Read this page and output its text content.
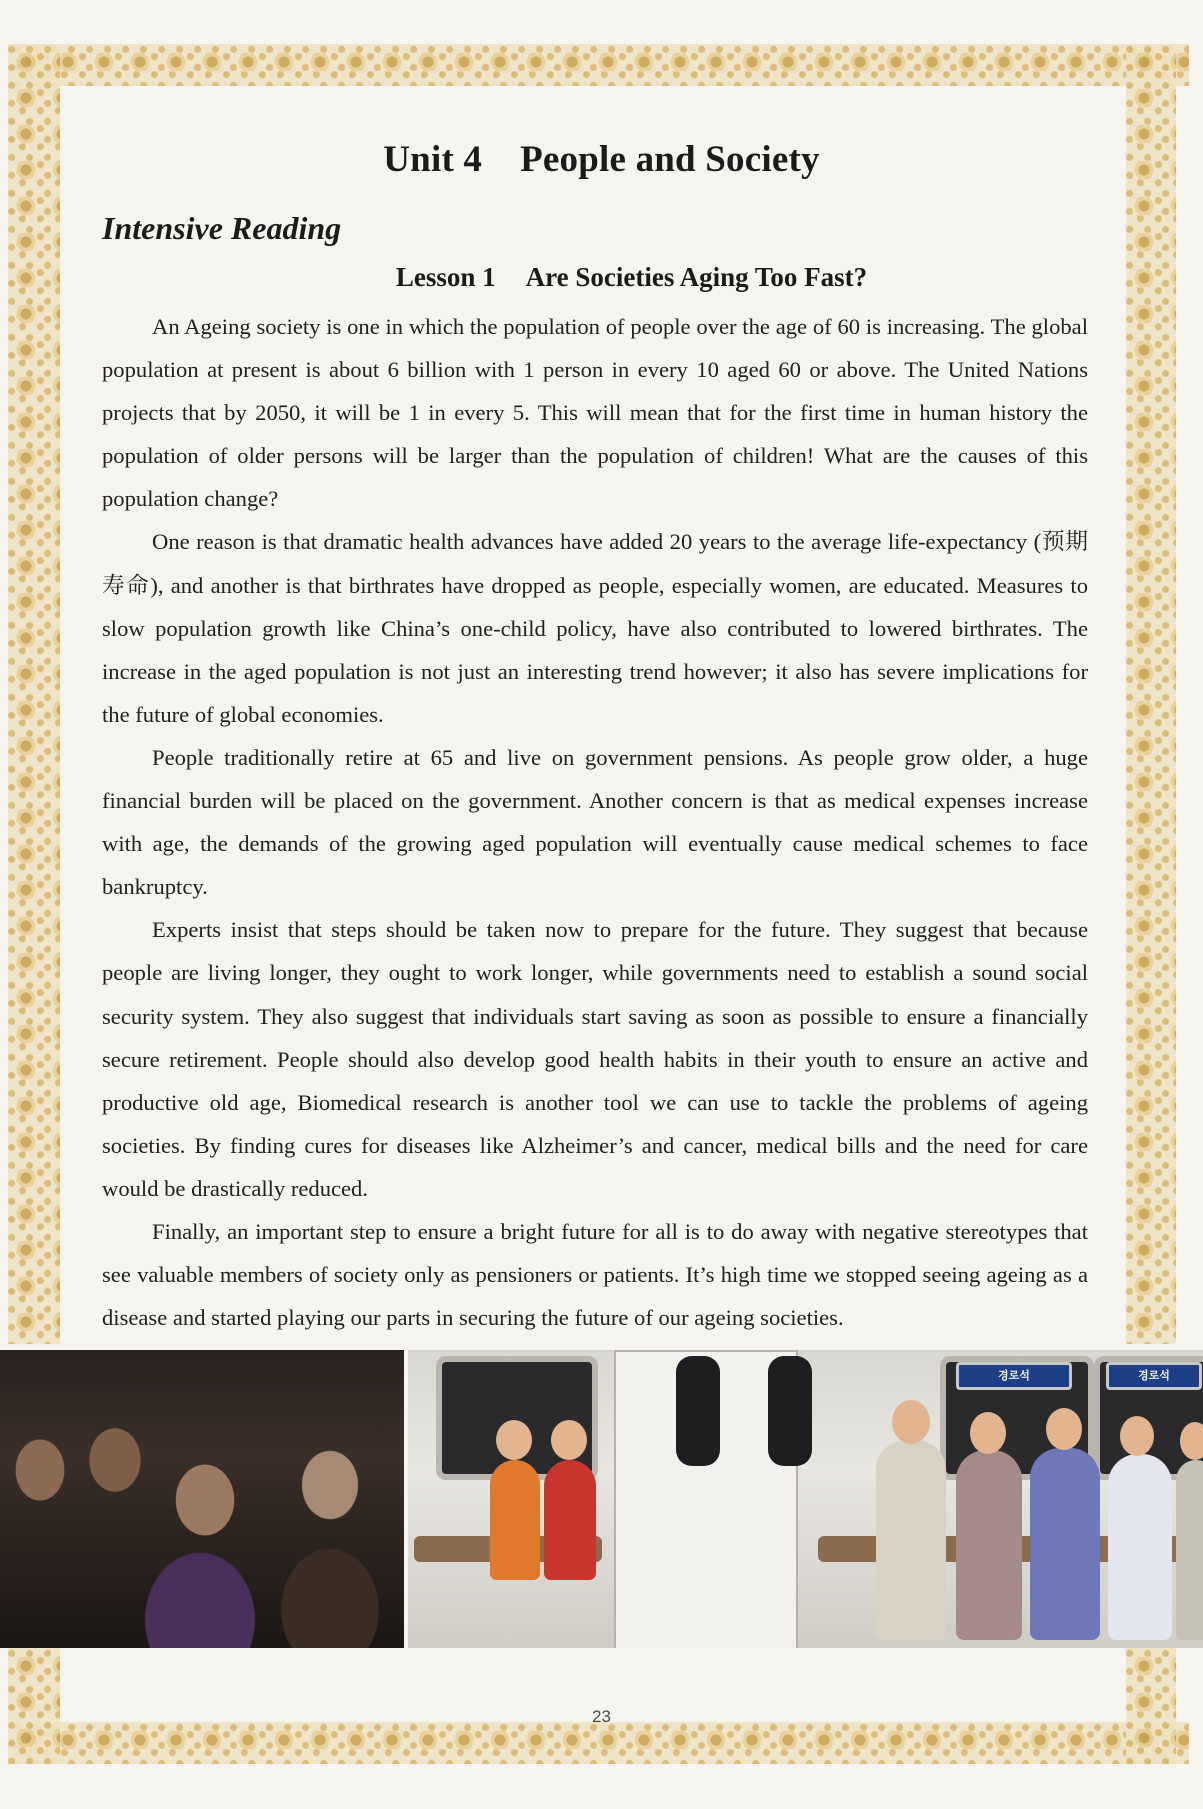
Unit 4 People and Society
Intensive Reading
Lesson 1 Are Societies Aging Too Fast?

An Ageing society is one in which the population of people over the age of 60 is increasing. The global population at present is about 6 billion with 1 person in every 10 aged 60 or above. The United Nations projects that by 2050, it will be 1 in every 5. This will mean that for the first time in human history the population of older persons will be larger than the population of children! What are the causes of this population change?

One reason is that dramatic health advances have added 20 years to the average life-expectancy (预期寿命), and another is that birthrates have dropped as people, especially women, are educated. Measures to slow population growth like China’s one-child policy, have also contributed to lowered birthrates. The increase in the aged population is not just an interesting trend however; it also has severe implications for the future of global economies.

People traditionally retire at 65 and live on government pensions. As people grow older, a huge financial burden will be placed on the government. Another concern is that as medical expenses increase with age, the demands of the growing aged population will eventually cause medical schemes to face bankruptcy.

Experts insist that steps should be taken now to prepare for the future. They suggest that because people are living longer, they ought to work longer, while governments need to establish a sound social security system. They also suggest that individuals start saving as soon as possible to ensure a financially secure retirement. People should also develop good health habits in their youth to ensure an active and productive old age, Biomedical research is another tool we can use to tackle the problems of ageing societies. By finding cures for diseases like Alzheimer’s and cancer, medical bills and the need for care would be drastically reduced.

Finally, an important step to ensure a bright future for all is to do away with negative stereotypes that see valuable members of society only as pensioners or patients. It’s high time we stopped seeing ageing as a disease and started playing our parts in securing the future of our ageing societies.

경로석	경로석
23
